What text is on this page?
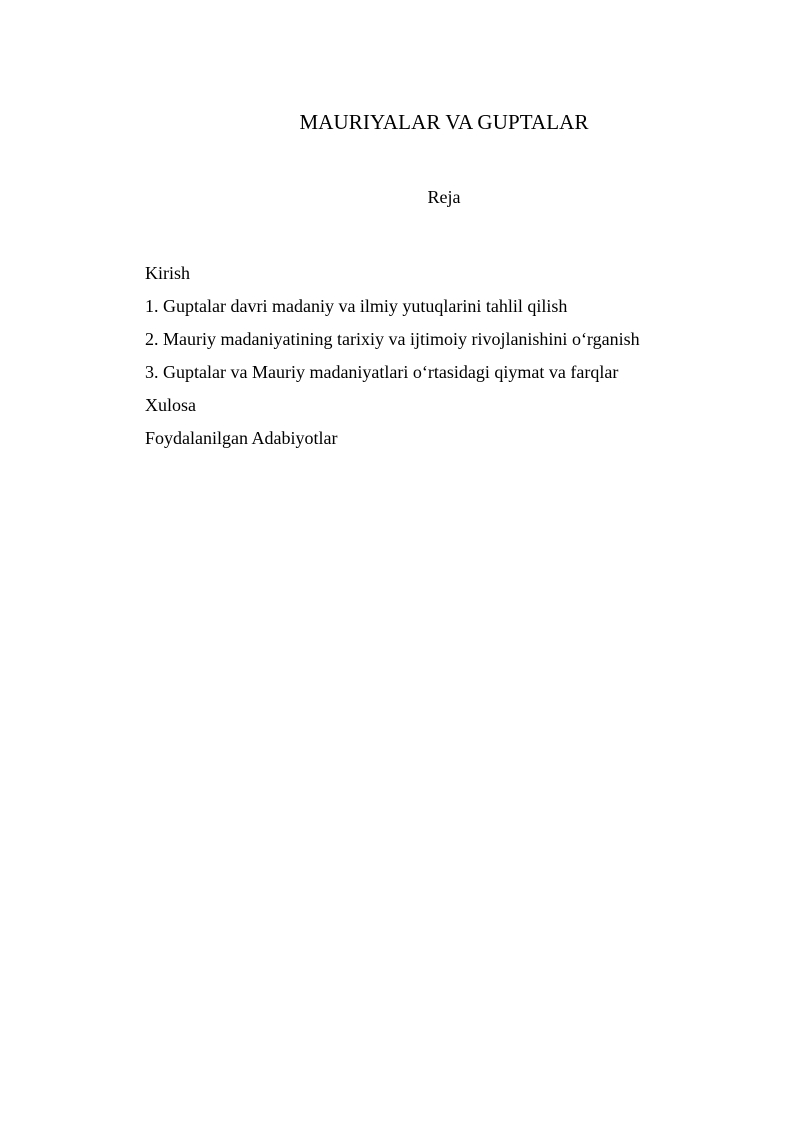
MAURIYALAR VA GUPTALAR
Reja
Kirish
1. Guptalar davri madaniy va ilmiy yutuqlarini tahlil qilish
2. Mauriy madaniyatining tarixiy va ijtimoiy rivojlanishini o‘rganish
3. Guptalar va Mauriy madaniyatlari o‘rtasidagi qiymat va farqlar
Xulosa
Foydalanilgan Adabiyotlar
